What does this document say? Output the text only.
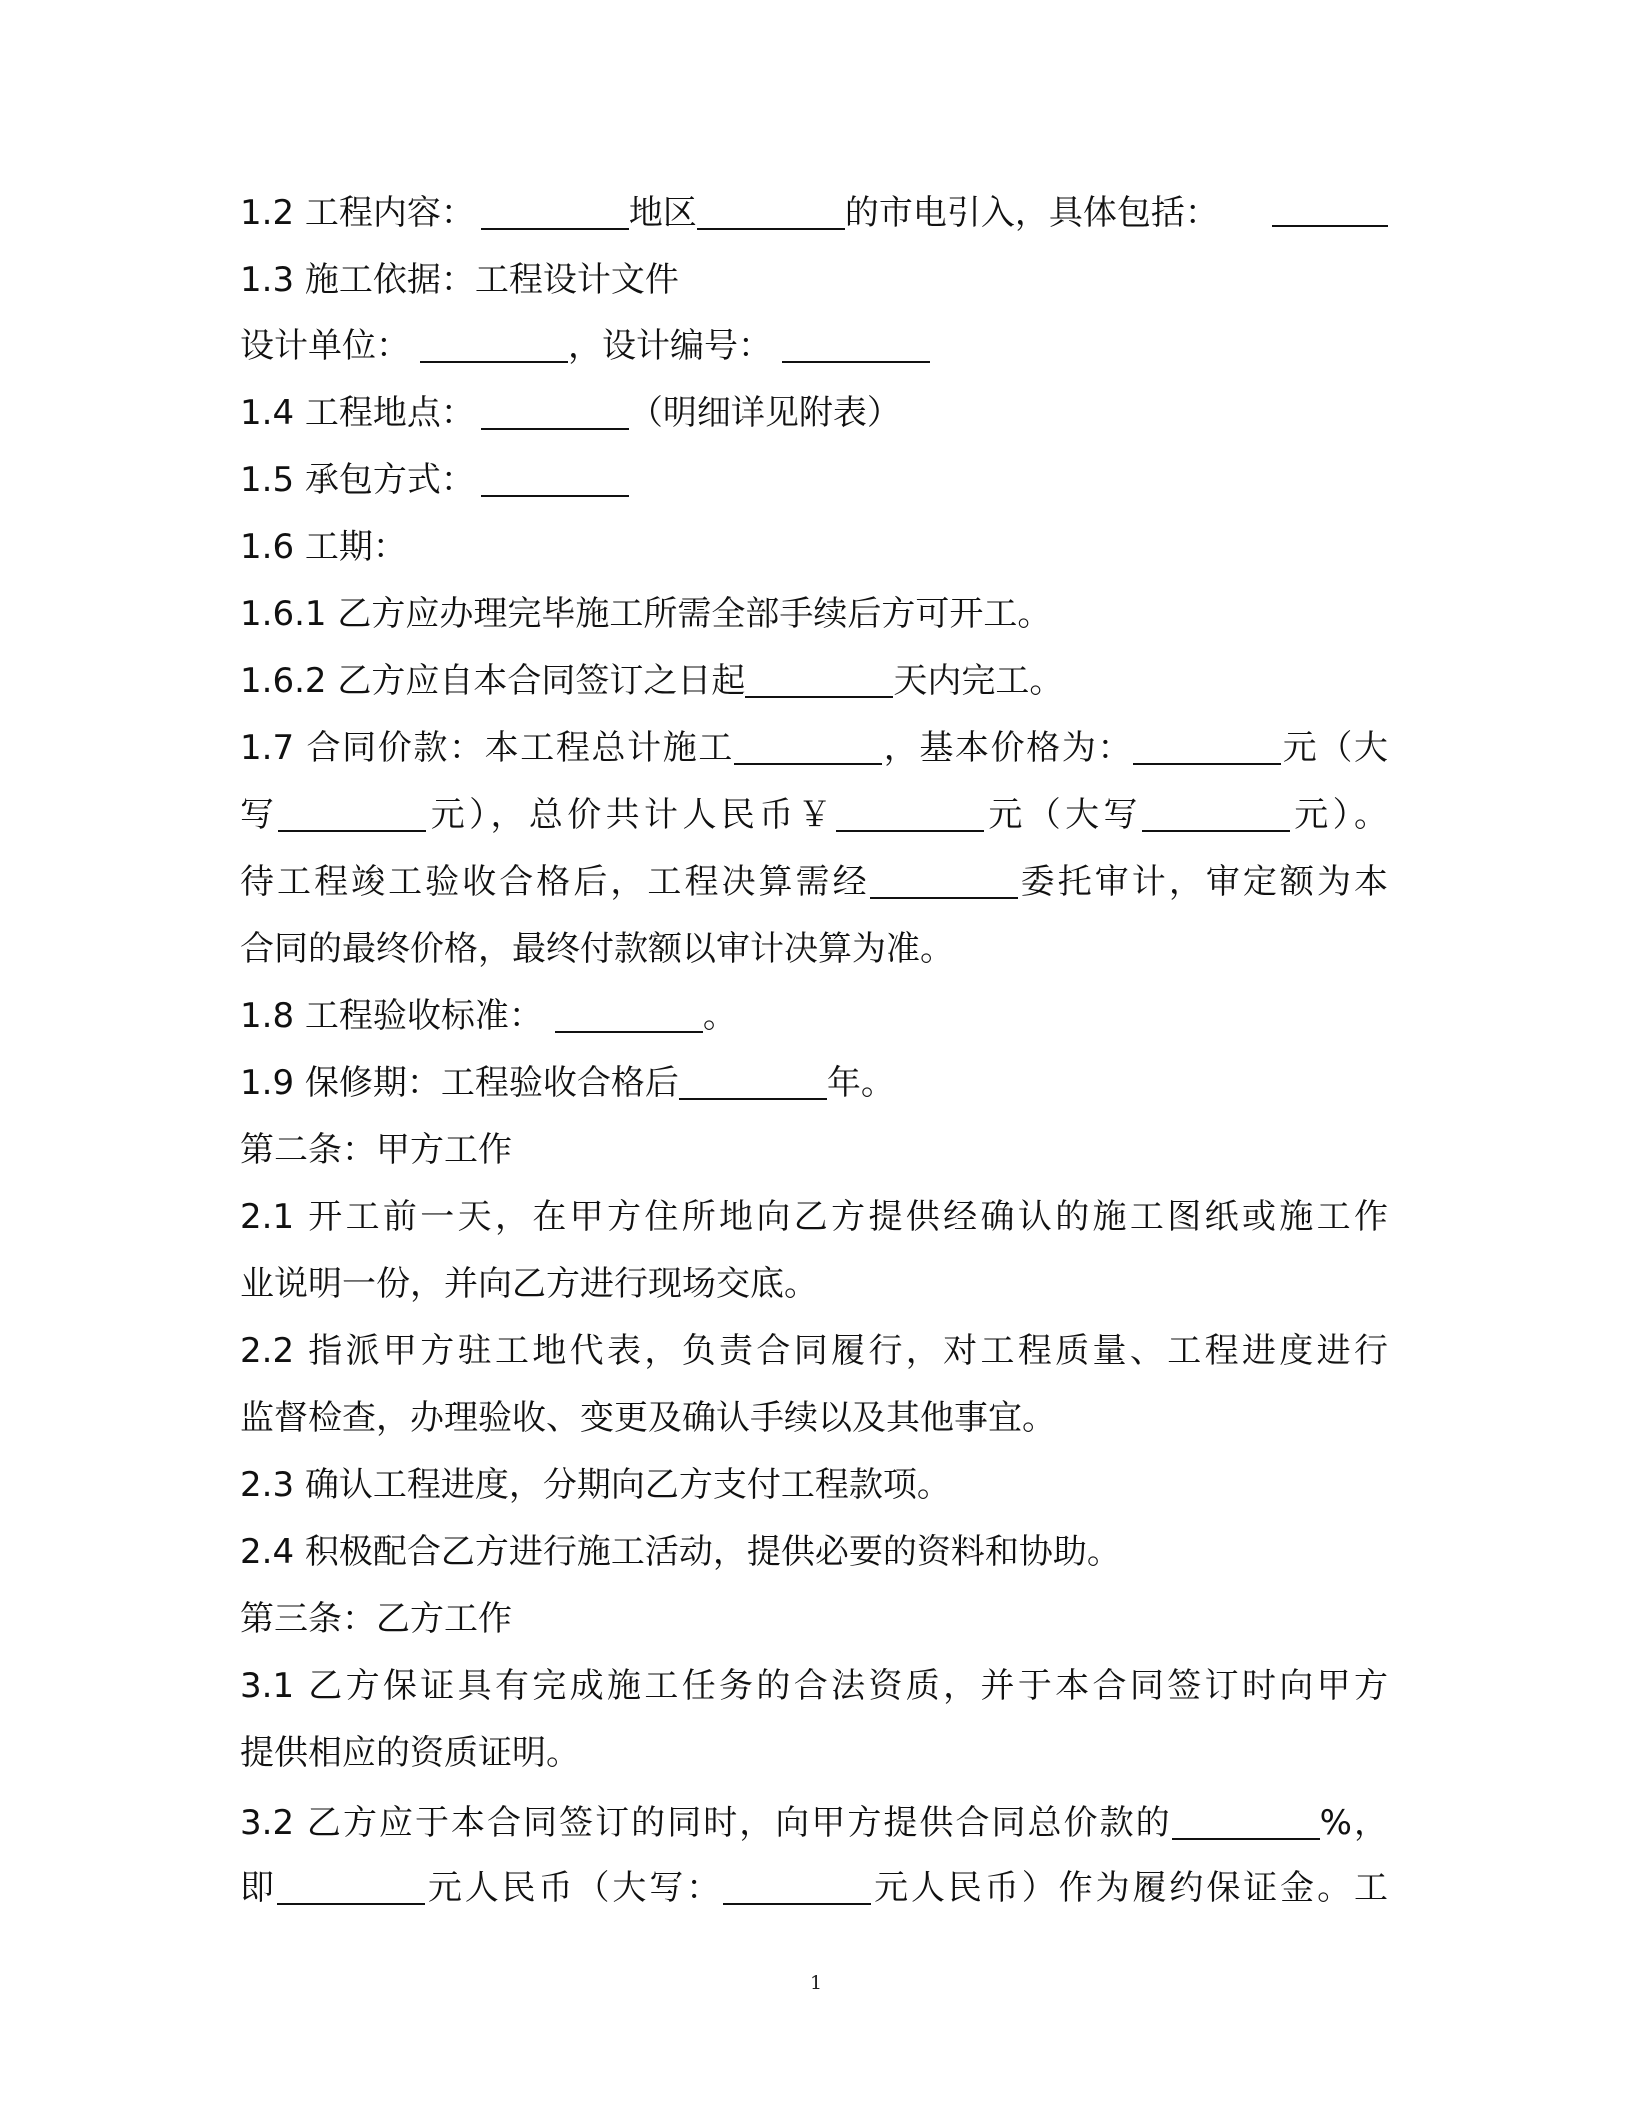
1.2 工程内容：	地区	的市电引入，具体包括：
1.3 施工依据：工程设计文件
设计单位：	，设计编号：
1.4 工程地点：	（明细详见附表）
1.5 承包方式：
1.6 工期：
1.6.1 乙方应办理完毕施工所需全部手续后方可开工。
1.6.2 乙方应自本合同签订之日起	天内完工。
1.7 合同价款：本工程总计施工	，基本价格为：	元（大
写	元），总价共计人民币￥	元（大写	元）。
待工程竣工验收合格后，工程决算需经	委托审计，审定额为本
合同的最终价格，最终付款额以审计决算为准。
1.8 工程验收标准：	。
1.9 保修期：工程验收合格后	年。
第二条：甲方工作
2.1 开工前一天，在甲方住所地向乙方提供经确认的施工图纸或施工作
业说明一份，并向乙方进行现场交底。
2.2 指派甲方驻工地代表，负责合同履行，对工程质量、工程进度进行
监督检查，办理验收、变更及确认手续以及其他事宜。
2.3 确认工程进度，分期向乙方支付工程款项。
2.4 积极配合乙方进行施工活动，提供必要的资料和协助。
第三条：乙方工作
3.1 乙方保证具有完成施工任务的合法资质，并于本合同签订时向甲方
提供相应的资质证明。
3.2 乙方应于本合同签订的同时，向甲方提供合同总价款的	%，
即	元人民币（大写：	元人民币）作为履约保证金。工
1
